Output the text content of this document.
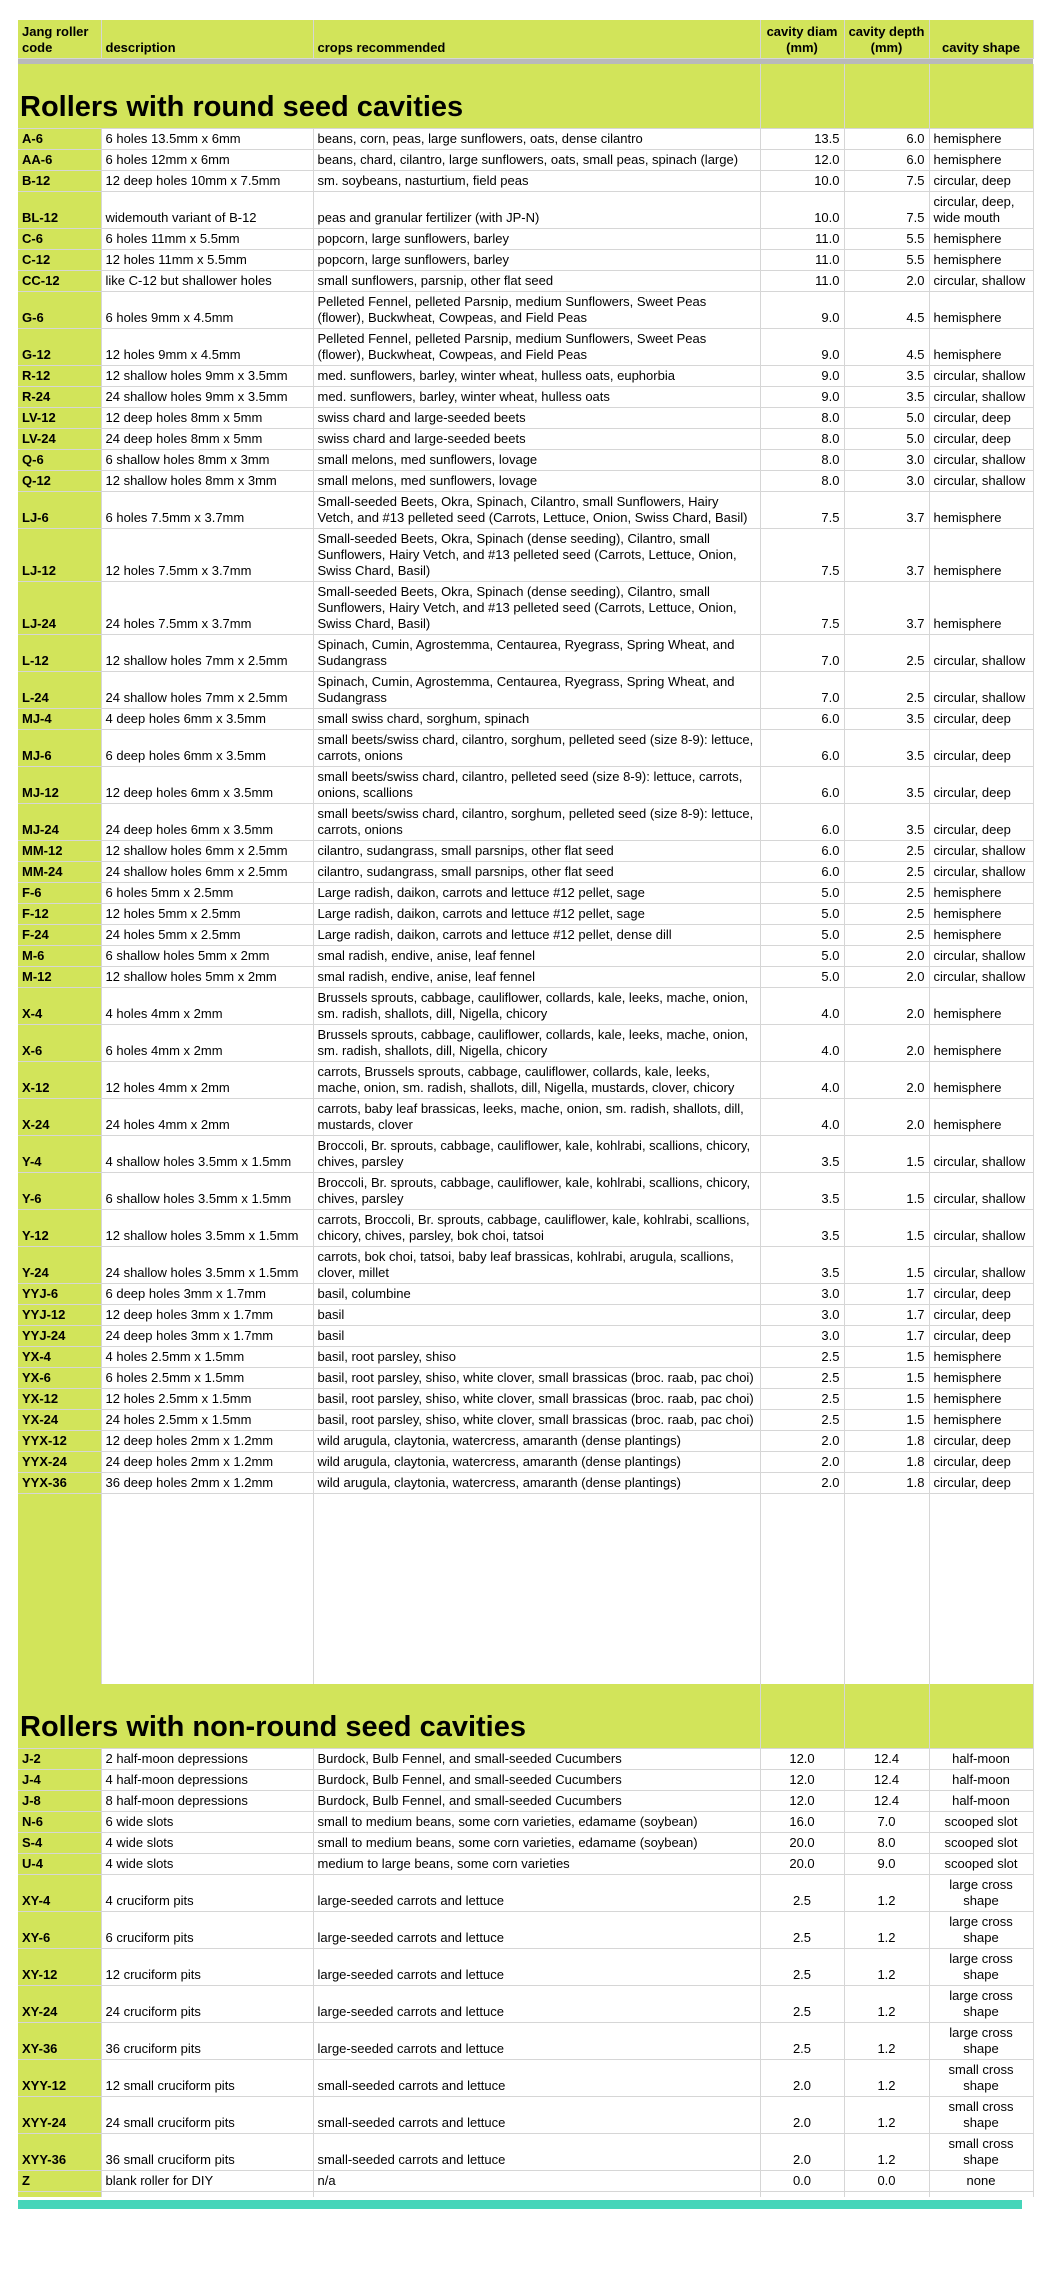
Jang roller code	description	crops recommended	cavity diam (mm)	cavity depth (mm)	cavity shape

Rollers with round seed cavities					
A-6	6 holes 13.5mm x 6mm	beans, corn, peas, large sunflowers, oats, dense cilantro	13.5	6.0	hemisphere
AA-6	6 holes 12mm x 6mm	beans, chard, cilantro, large sunflowers, oats, small peas, spinach (large)	12.0	6.0	hemisphere
B-12	12 deep holes 10mm x 7.5mm	sm. soybeans, nasturtium, field peas	10.0	7.5	circular, deep
BL-12	widemouth variant of B-12	peas and granular fertilizer (with JP-N)	10.0	7.5	circular, deep, wide mouth
C-6	6 holes 11mm x 5.5mm	popcorn, large sunflowers, barley	11.0	5.5	hemisphere
C-12	12 holes 11mm x 5.5mm	popcorn, large sunflowers, barley	11.0	5.5	hemisphere
CC-12	like C-12 but shallower holes	small sunflowers, parsnip, other flat seed	11.0	2.0	circular, shallow
G-6	6 holes 9mm x 4.5mm	Pelleted Fennel, pelleted Parsnip, medium Sunflowers, Sweet Peas (flower), Buckwheat, Cowpeas, and Field Peas	9.0	4.5	hemisphere
G-12	12 holes 9mm x 4.5mm	Pelleted Fennel, pelleted Parsnip, medium Sunflowers, Sweet Peas (flower), Buckwheat, Cowpeas, and Field Peas	9.0	4.5	hemisphere
R-12	12 shallow holes 9mm x 3.5mm	med. sunflowers, barley, winter wheat, hulless oats, euphorbia	9.0	3.5	circular, shallow
R-24	24 shallow holes 9mm x 3.5mm	med. sunflowers, barley, winter wheat, hulless oats	9.0	3.5	circular, shallow
LV-12	12 deep holes 8mm x 5mm	swiss chard and large-seeded beets	8.0	5.0	circular, deep
LV-24	24 deep holes 8mm x 5mm	swiss chard and large-seeded beets	8.0	5.0	circular, deep
Q-6	6 shallow holes 8mm x 3mm	small melons, med sunflowers, lovage	8.0	3.0	circular, shallow
Q-12	12 shallow holes 8mm x 3mm	small melons, med sunflowers, lovage	8.0	3.0	circular, shallow
LJ-6	6 holes 7.5mm x 3.7mm	Small-seeded Beets, Okra, Spinach, Cilantro, small Sunflowers, Hairy Vetch, and #13 pelleted seed (Carrots, Lettuce, Onion, Swiss Chard, Basil)	7.5	3.7	hemisphere
LJ-12	12 holes 7.5mm x 3.7mm	Small-seeded Beets, Okra, Spinach (dense seeding), Cilantro, small Sunflowers, Hairy Vetch, and #13 pelleted seed (Carrots, Lettuce, Onion, Swiss Chard, Basil)	7.5	3.7	hemisphere
LJ-24	24 holes 7.5mm x 3.7mm	Small-seeded Beets, Okra, Spinach (dense seeding), Cilantro, small Sunflowers, Hairy Vetch, and #13 pelleted seed (Carrots, Lettuce, Onion, Swiss Chard, Basil)	7.5	3.7	hemisphere
L-12	12 shallow holes 7mm x 2.5mm	Spinach, Cumin, Agrostemma, Centaurea, Ryegrass, Spring Wheat, and Sudangrass	7.0	2.5	circular, shallow
L-24	24 shallow holes 7mm x 2.5mm	Spinach, Cumin, Agrostemma, Centaurea, Ryegrass, Spring Wheat, and Sudangrass	7.0	2.5	circular, shallow
MJ-4	4 deep holes 6mm x 3.5mm	small swiss chard, sorghum, spinach	6.0	3.5	circular, deep
MJ-6	6 deep holes 6mm x 3.5mm	small beets/swiss chard, cilantro, sorghum, pelleted seed (size 8-9): lettuce, carrots, onions	6.0	3.5	circular, deep
MJ-12	12 deep holes 6mm x 3.5mm	small beets/swiss chard, cilantro, pelleted seed (size 8-9): lettuce, carrots, onions, scallions	6.0	3.5	circular, deep
MJ-24	24 deep holes 6mm x 3.5mm	small beets/swiss chard, cilantro, sorghum, pelleted seed (size 8-9): lettuce, carrots, onions	6.0	3.5	circular, deep
MM-12	12 shallow holes 6mm x 2.5mm	cilantro, sudangrass, small parsnips, other flat seed	6.0	2.5	circular, shallow
MM-24	24 shallow holes 6mm x 2.5mm	cilantro, sudangrass, small parsnips, other flat seed	6.0	2.5	circular, shallow
F-6	6 holes 5mm x 2.5mm	Large radish, daikon, carrots and lettuce #12 pellet, sage	5.0	2.5	hemisphere
F-12	12 holes 5mm x 2.5mm	Large radish, daikon, carrots and lettuce #12 pellet, sage	5.0	2.5	hemisphere
F-24	24 holes 5mm x 2.5mm	Large radish, daikon, carrots and lettuce #12 pellet, dense dill	5.0	2.5	hemisphere
M-6	6 shallow holes 5mm x 2mm	smal radish, endive, anise, leaf fennel	5.0	2.0	circular, shallow
M-12	12 shallow holes 5mm x 2mm	smal radish, endive, anise, leaf fennel	5.0	2.0	circular, shallow
X-4	4 holes 4mm x 2mm	Brussels sprouts, cabbage, cauliflower, collards, kale, leeks, mache, onion, sm. radish, shallots, dill, Nigella, chicory	4.0	2.0	hemisphere
X-6	6 holes 4mm x 2mm	Brussels sprouts, cabbage, cauliflower, collards, kale, leeks, mache, onion, sm. radish, shallots, dill, Nigella, chicory	4.0	2.0	hemisphere
X-12	12 holes 4mm x 2mm	carrots, Brussels sprouts, cabbage, cauliflower, collards, kale, leeks, mache, onion, sm. radish, shallots, dill, Nigella, mustards, clover, chicory	4.0	2.0	hemisphere
X-24	24 holes 4mm x 2mm	carrots, baby leaf brassicas, leeks, mache, onion, sm. radish, shallots, dill, mustards, clover	4.0	2.0	hemisphere
Y-4	4 shallow holes 3.5mm x 1.5mm	Broccoli, Br. sprouts, cabbage, cauliflower, kale, kohlrabi, scallions, chicory, chives, parsley	3.5	1.5	circular, shallow
Y-6	6 shallow holes 3.5mm x 1.5mm	Broccoli, Br. sprouts, cabbage, cauliflower, kale, kohlrabi, scallions, chicory, chives, parsley	3.5	1.5	circular, shallow
Y-12	12 shallow holes 3.5mm x 1.5mm	carrots, Broccoli, Br. sprouts, cabbage, cauliflower, kale, kohlrabi, scallions, chicory, chives, parsley, bok choi, tatsoi	3.5	1.5	circular, shallow
Y-24	24 shallow holes 3.5mm x 1.5mm	carrots, bok choi, tatsoi, baby leaf brassicas, kohlrabi, arugula, scallions, clover, millet	3.5	1.5	circular, shallow
YYJ-6	6 deep holes 3mm x 1.7mm	basil, columbine	3.0	1.7	circular, deep
YYJ-12	12 deep holes 3mm x 1.7mm	basil	3.0	1.7	circular, deep
YYJ-24	24 deep holes 3mm x 1.7mm	basil	3.0	1.7	circular, deep
YX-4	4 holes 2.5mm x 1.5mm	basil, root parsley, shiso	2.5	1.5	hemisphere
YX-6	6 holes 2.5mm x 1.5mm	basil, root parsley, shiso, white clover, small brassicas (broc. raab, pac choi)	2.5	1.5	hemisphere
YX-12	12 holes 2.5mm x 1.5mm	basil, root parsley, shiso, white clover, small brassicas (broc. raab, pac choi)	2.5	1.5	hemisphere
YX-24	24 holes 2.5mm x 1.5mm	basil, root parsley, shiso, white clover, small brassicas (broc. raab, pac choi)	2.5	1.5	hemisphere
YYX-12	12 deep holes 2mm x 1.2mm	wild arugula, claytonia, watercress, amaranth (dense plantings)	2.0	1.8	circular, deep
YYX-24	24 deep holes 2mm x 1.2mm	wild arugula, claytonia, watercress, amaranth (dense plantings)	2.0	1.8	circular, deep
YYX-36	36 deep holes 2mm x 1.2mm	wild arugula, claytonia, watercress, amaranth (dense plantings)	2.0	1.8	circular, deep

Rollers with non-round seed cavities					
J-2	2 half-moon depressions	Burdock, Bulb Fennel, and small-seeded Cucumbers	12.0	12.4	half-moon
J-4	4 half-moon depressions	Burdock, Bulb Fennel, and small-seeded Cucumbers	12.0	12.4	half-moon
J-8	8 half-moon depressions	Burdock, Bulb Fennel, and small-seeded Cucumbers	12.0	12.4	half-moon
N-6	6 wide slots	small to medium beans, some corn varieties, edamame (soybean)	16.0	7.0	scooped slot
S-4	4 wide slots	small to medium beans, some corn varieties, edamame (soybean)	20.0	8.0	scooped slot
U-4	4 wide slots	medium to large beans, some corn varieties	20.0	9.0	scooped slot
XY-4	4 cruciform pits	large-seeded carrots and lettuce	2.5	1.2	large cross shape
XY-6	6 cruciform pits	large-seeded carrots and lettuce	2.5	1.2	large cross shape
XY-12	12 cruciform pits	large-seeded carrots and lettuce	2.5	1.2	large cross shape
XY-24	24 cruciform pits	large-seeded carrots and lettuce	2.5	1.2	large cross shape
XY-36	36 cruciform pits	large-seeded carrots and lettuce	2.5	1.2	large cross shape
XYY-12	12 small cruciform pits	small-seeded carrots and lettuce	2.0	1.2	small cross shape
XYY-24	24 small cruciform pits	small-seeded carrots and lettuce	2.0	1.2	small cross shape
XYY-36	36 small cruciform pits	small-seeded carrots and lettuce	2.0	1.2	small cross shape
Z	blank roller for DIY	n/a	0.0	0.0	none
